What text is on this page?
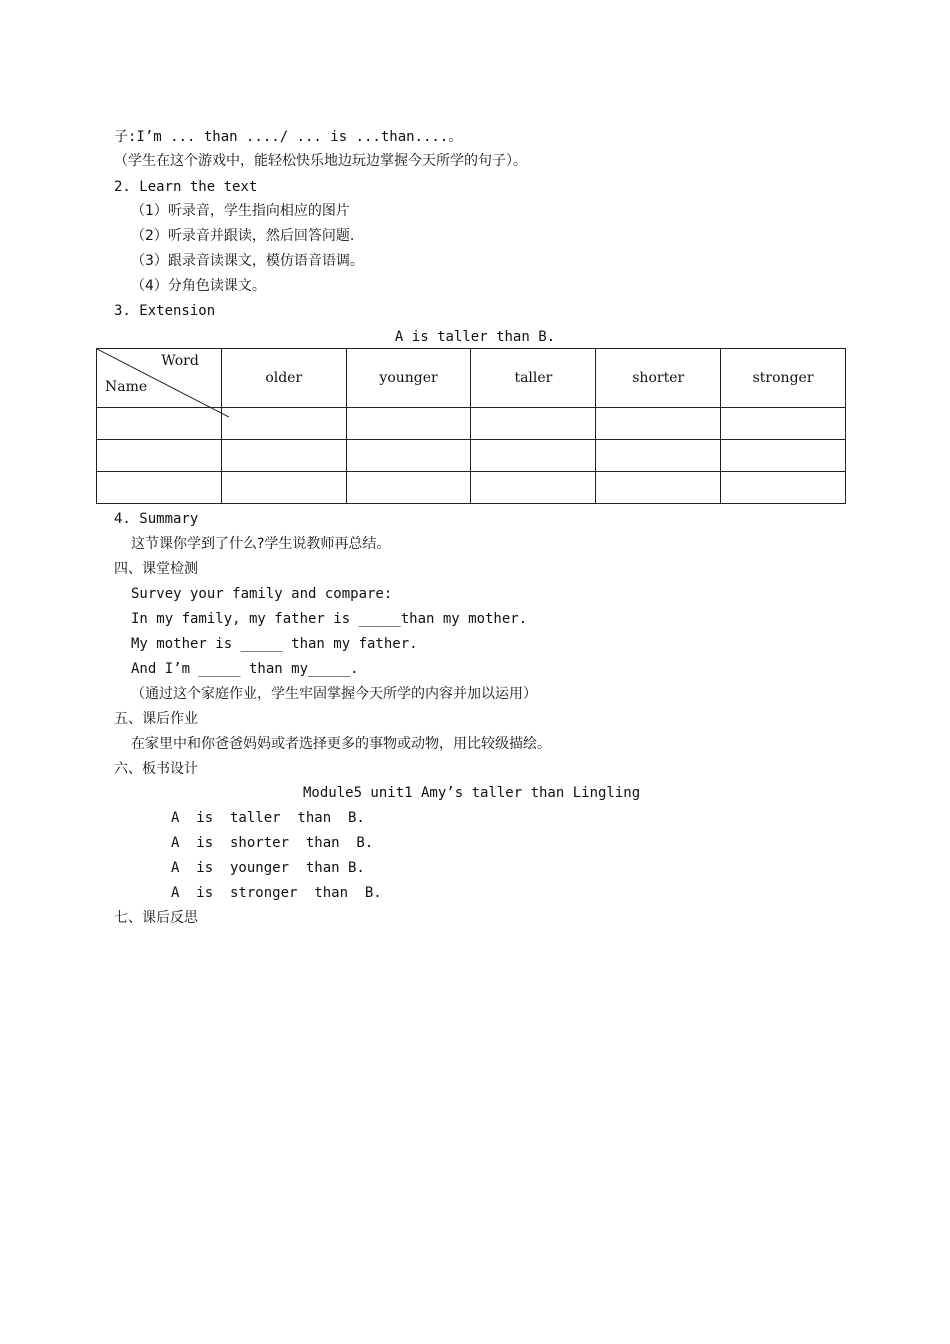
子:I’m ... than ..../ ... is ...than....。
（学生在这个游戏中，能轻松快乐地边玩边掌握今天所学的句子）。
2. Learn the text
（1）听录音，学生指向相应的图片
（2）听录音并跟读，然后回答问题.
（3）跟录音读课文，模仿语音语调。
（4）分角色读课文。
3. Extension
A is taller than B.
Word
Name	older	younger	taller	shorter	stronger

4. Summary
这节课你学到了什么?学生说教师再总结。
四、课堂检测
Survey your family and compare:
In my family, my father is _____than my mother.
My mother is _____ than my father.
And I’m _____ than my_____.
（通过这个家庭作业，学生牢固掌握今天所学的内容并加以运用）
五、课后作业
在家里中和你爸爸妈妈或者选择更多的事物或动物，用比较级描绘。
六、板书设计
Module5 unit1 Amy’s taller than Lingling
A  is  taller  than  B.
A  is  shorter  than  B.
A  is  younger  than B.
A  is  stronger  than  B.
七、课后反思
